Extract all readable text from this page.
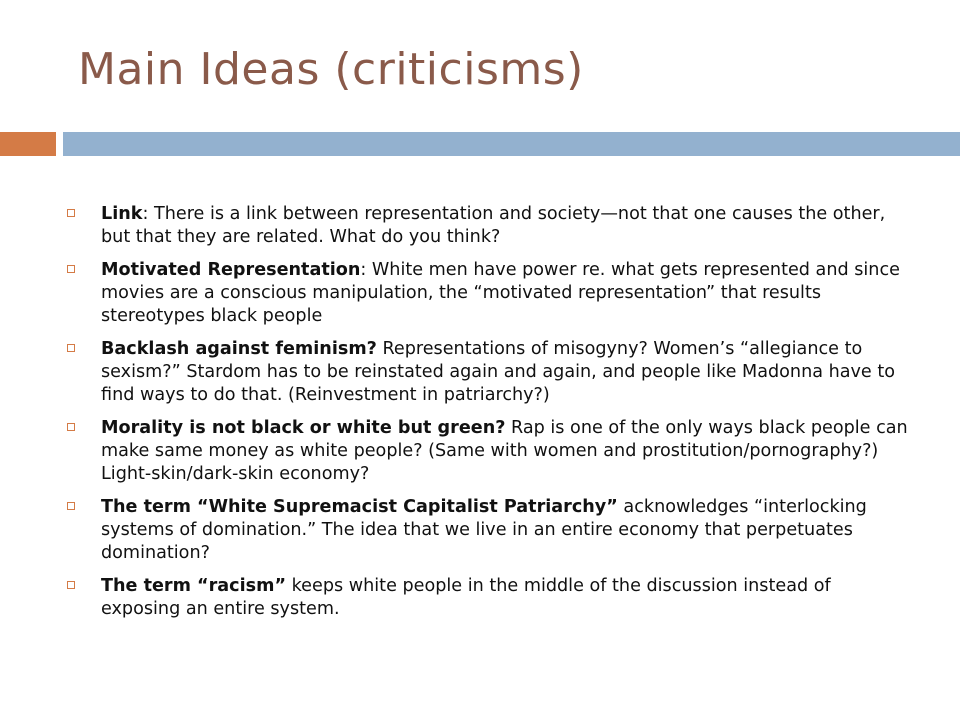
Main Ideas (criticisms)
Link: There is a link between representation and society—not that one causes the other, but that they are related. What do you think?
Motivated Representation: White men have power re. what gets represented and since movies are a conscious manipulation, the “motivated representation” that results stereotypes black people
Backlash against feminism? Representations of misogyny? Women’s “allegiance to sexism?” Stardom has to be reinstated again and again, and people like Madonna have to find ways to do that. (Reinvestment in patriarchy?)
Morality is not black or white but green? Rap is one of the only ways black people can make same money as white people? (Same with women and prostitution/pornography?) Light-skin/dark-skin economy?
The term “White Supremacist Capitalist Patriarchy” acknowledges “interlocking systems of domination.” The idea that we live in an entire economy that perpetuates domination?
The term “racism” keeps white people in the middle of the discussion instead of exposing an entire system.
